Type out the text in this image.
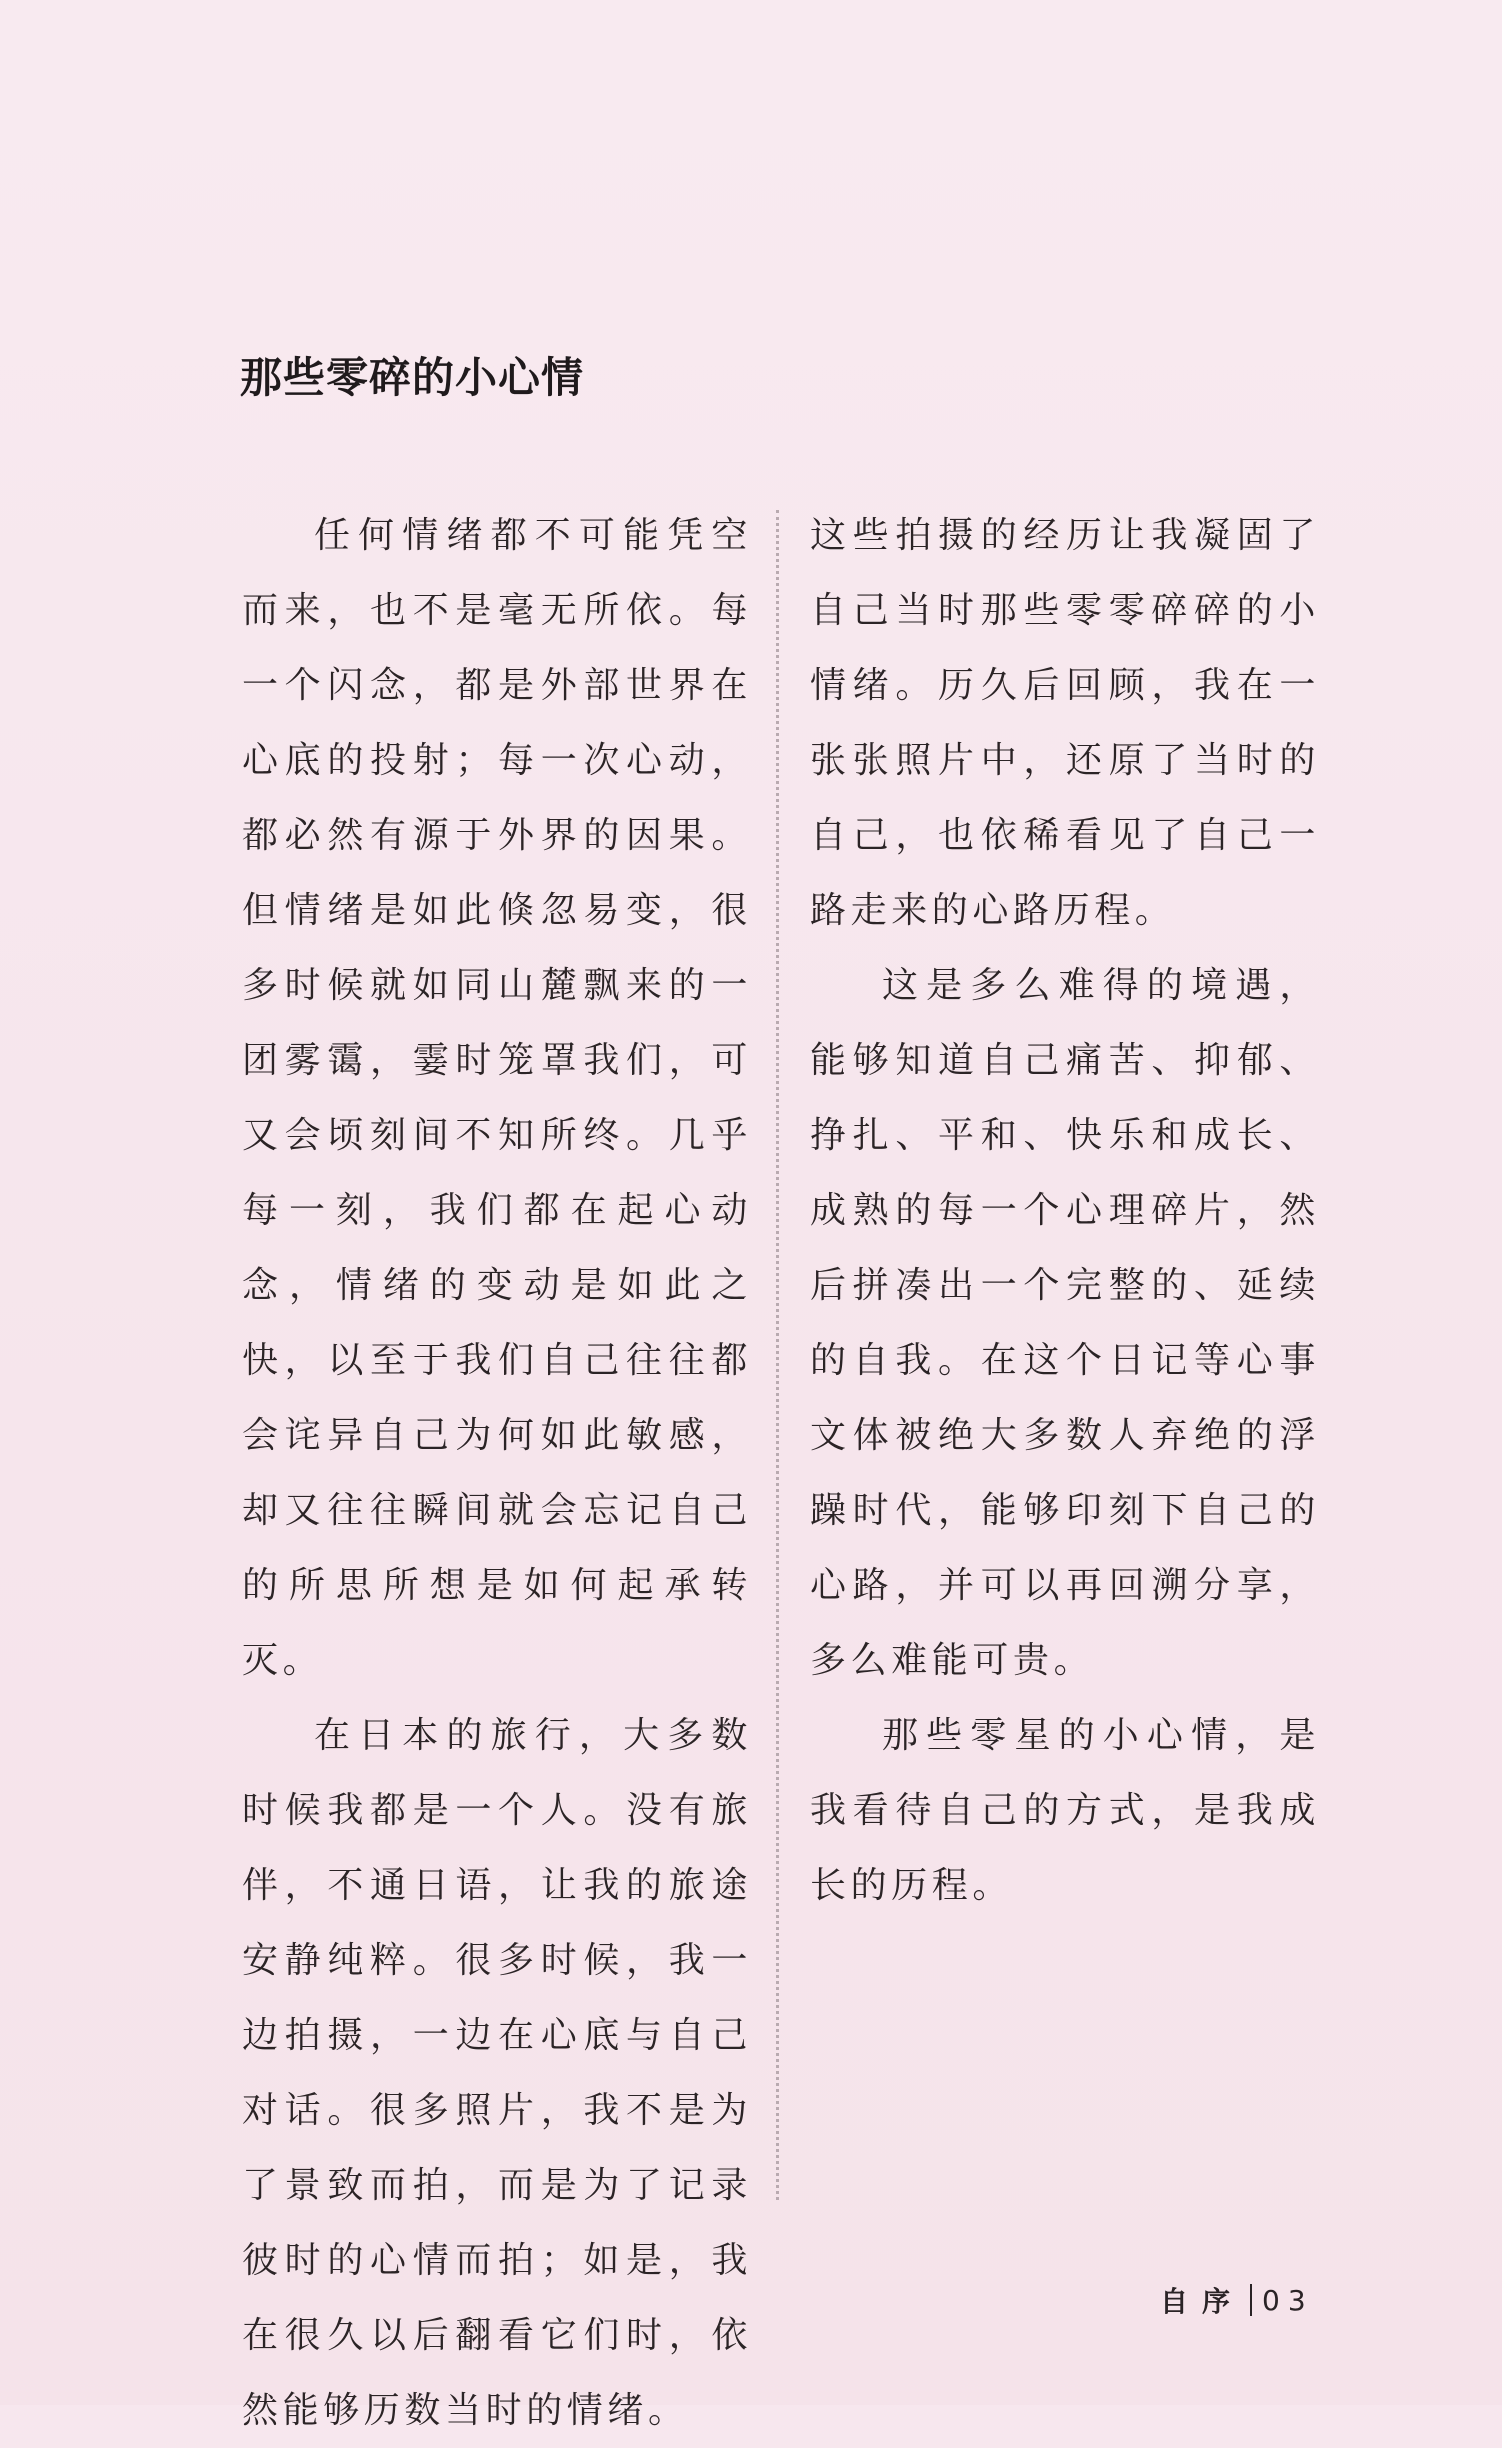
那些零碎的小心情

任何情绪都不可能凭空而来，也不是毫无所依。每一个闪念，都是外部世界在心底的投射；每一次心动，都必然有源于外界的因果。但情绪是如此倏忽易变，很多时候就如同山麓飘来的一团雾霭，霎时笼罩我们，可又会顷刻间不知所终。几乎每一刻，我们都在起心动念，情绪的变动是如此之快，以至于我们自己往往都会诧异自己为何如此敏感，却又往往瞬间就会忘记自己的所思所想是如何起承转灭。

在日本的旅行，大多数时候我都是一个人。没有旅伴，不通日语，让我的旅途安静纯粹。很多时候，我一边拍摄，一边在心底与自己对话。很多照片，我不是为了景致而拍，而是为了记录彼时的心情而拍；如是，我在很久以后翻看它们时，依然能够历数当时的情绪。

这些拍摄的经历让我凝固了自己当时那些零零碎碎的小情绪。历久后回顾，我在一张张照片中，还原了当时的自己，也依稀看见了自己一路走来的心路历程。

这是多么难得的境遇，能够知道自己痛苦、抑郁、挣扎、平和、快乐和成长、成熟的每一个心理碎片，然后拼凑出一个完整的、延续的自我。在这个日记等心事文体被绝大多数人弃绝的浮躁时代，能够印刻下自己的心路，并可以再回溯分享，多么难能可贵。

那些零星的小心情，是我看待自己的方式，是我成长的历程。

自序 03
